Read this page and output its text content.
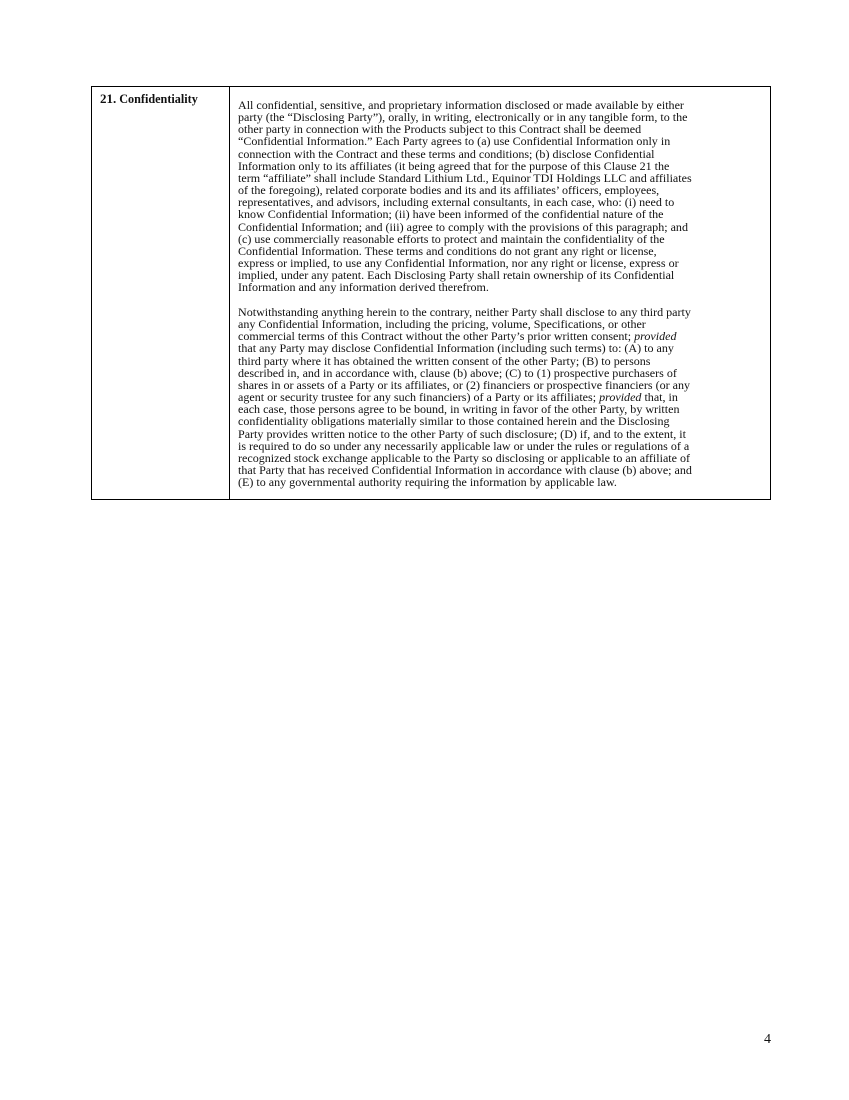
21. Confidentiality	All confidential, sensitive, and proprietary information disclosed or made available by either
party (the “Disclosing Party”), orally, in writing, electronically or in any tangible form, to the
other party in connection with the Products subject to this Contract shall be deemed
“Confidential Information.” Each Party agrees to (a) use Confidential Information only in
connection with the Contract and these terms and conditions; (b) disclose Confidential
Information only to its affiliates (it being agreed that for the purpose of this Clause 21 the
term “affiliate” shall include Standard Lithium Ltd., Equinor TDI Holdings LLC and affiliates
of the foregoing), related corporate bodies and its and its affiliates’ officers, employees,
representatives, and advisors, including external consultants, in each case, who: (i) need to
know Confidential Information; (ii) have been informed of the confidential nature of the
Confidential Information; and (iii) agree to comply with the provisions of this paragraph; and
(c) use commercially reasonable efforts to protect and maintain the confidentiality of the
Confidential Information. These terms and conditions do not grant any right or license,
express or implied, to use any Confidential Information, nor any right or license, express or
implied, under any patent. Each Disclosing Party shall retain ownership of its Confidential
Information and any information derived therefrom.

Notwithstanding anything herein to the contrary, neither Party shall disclose to any third party
any Confidential Information, including the pricing, volume, Specifications, or other
commercial terms of this Contract without the other Party’s prior written consent; provided
that any Party may disclose Confidential Information (including such terms) to: (A) to any
third party where it has obtained the written consent of the other Party; (B) to persons
described in, and in accordance with, clause (b) above; (C) to (1) prospective purchasers of
shares in or assets of a Party or its affiliates, or (2) financiers or prospective financiers (or any
agent or security trustee for any such financiers) of a Party or its affiliates; provided that, in
each case, those persons agree to be bound, in writing in favor of the other Party, by written
confidentiality obligations materially similar to those contained herein and the Disclosing
Party provides written notice to the other Party of such disclosure; (D) if, and to the extent, it
is required to do so under any necessarily applicable law or under the rules or regulations of a
recognized stock exchange applicable to the Party so disclosing or applicable to an affiliate of
that Party that has received Confidential Information in accordance with clause (b) above; and
(E) to any governmental authority requiring the information by applicable law.

4
